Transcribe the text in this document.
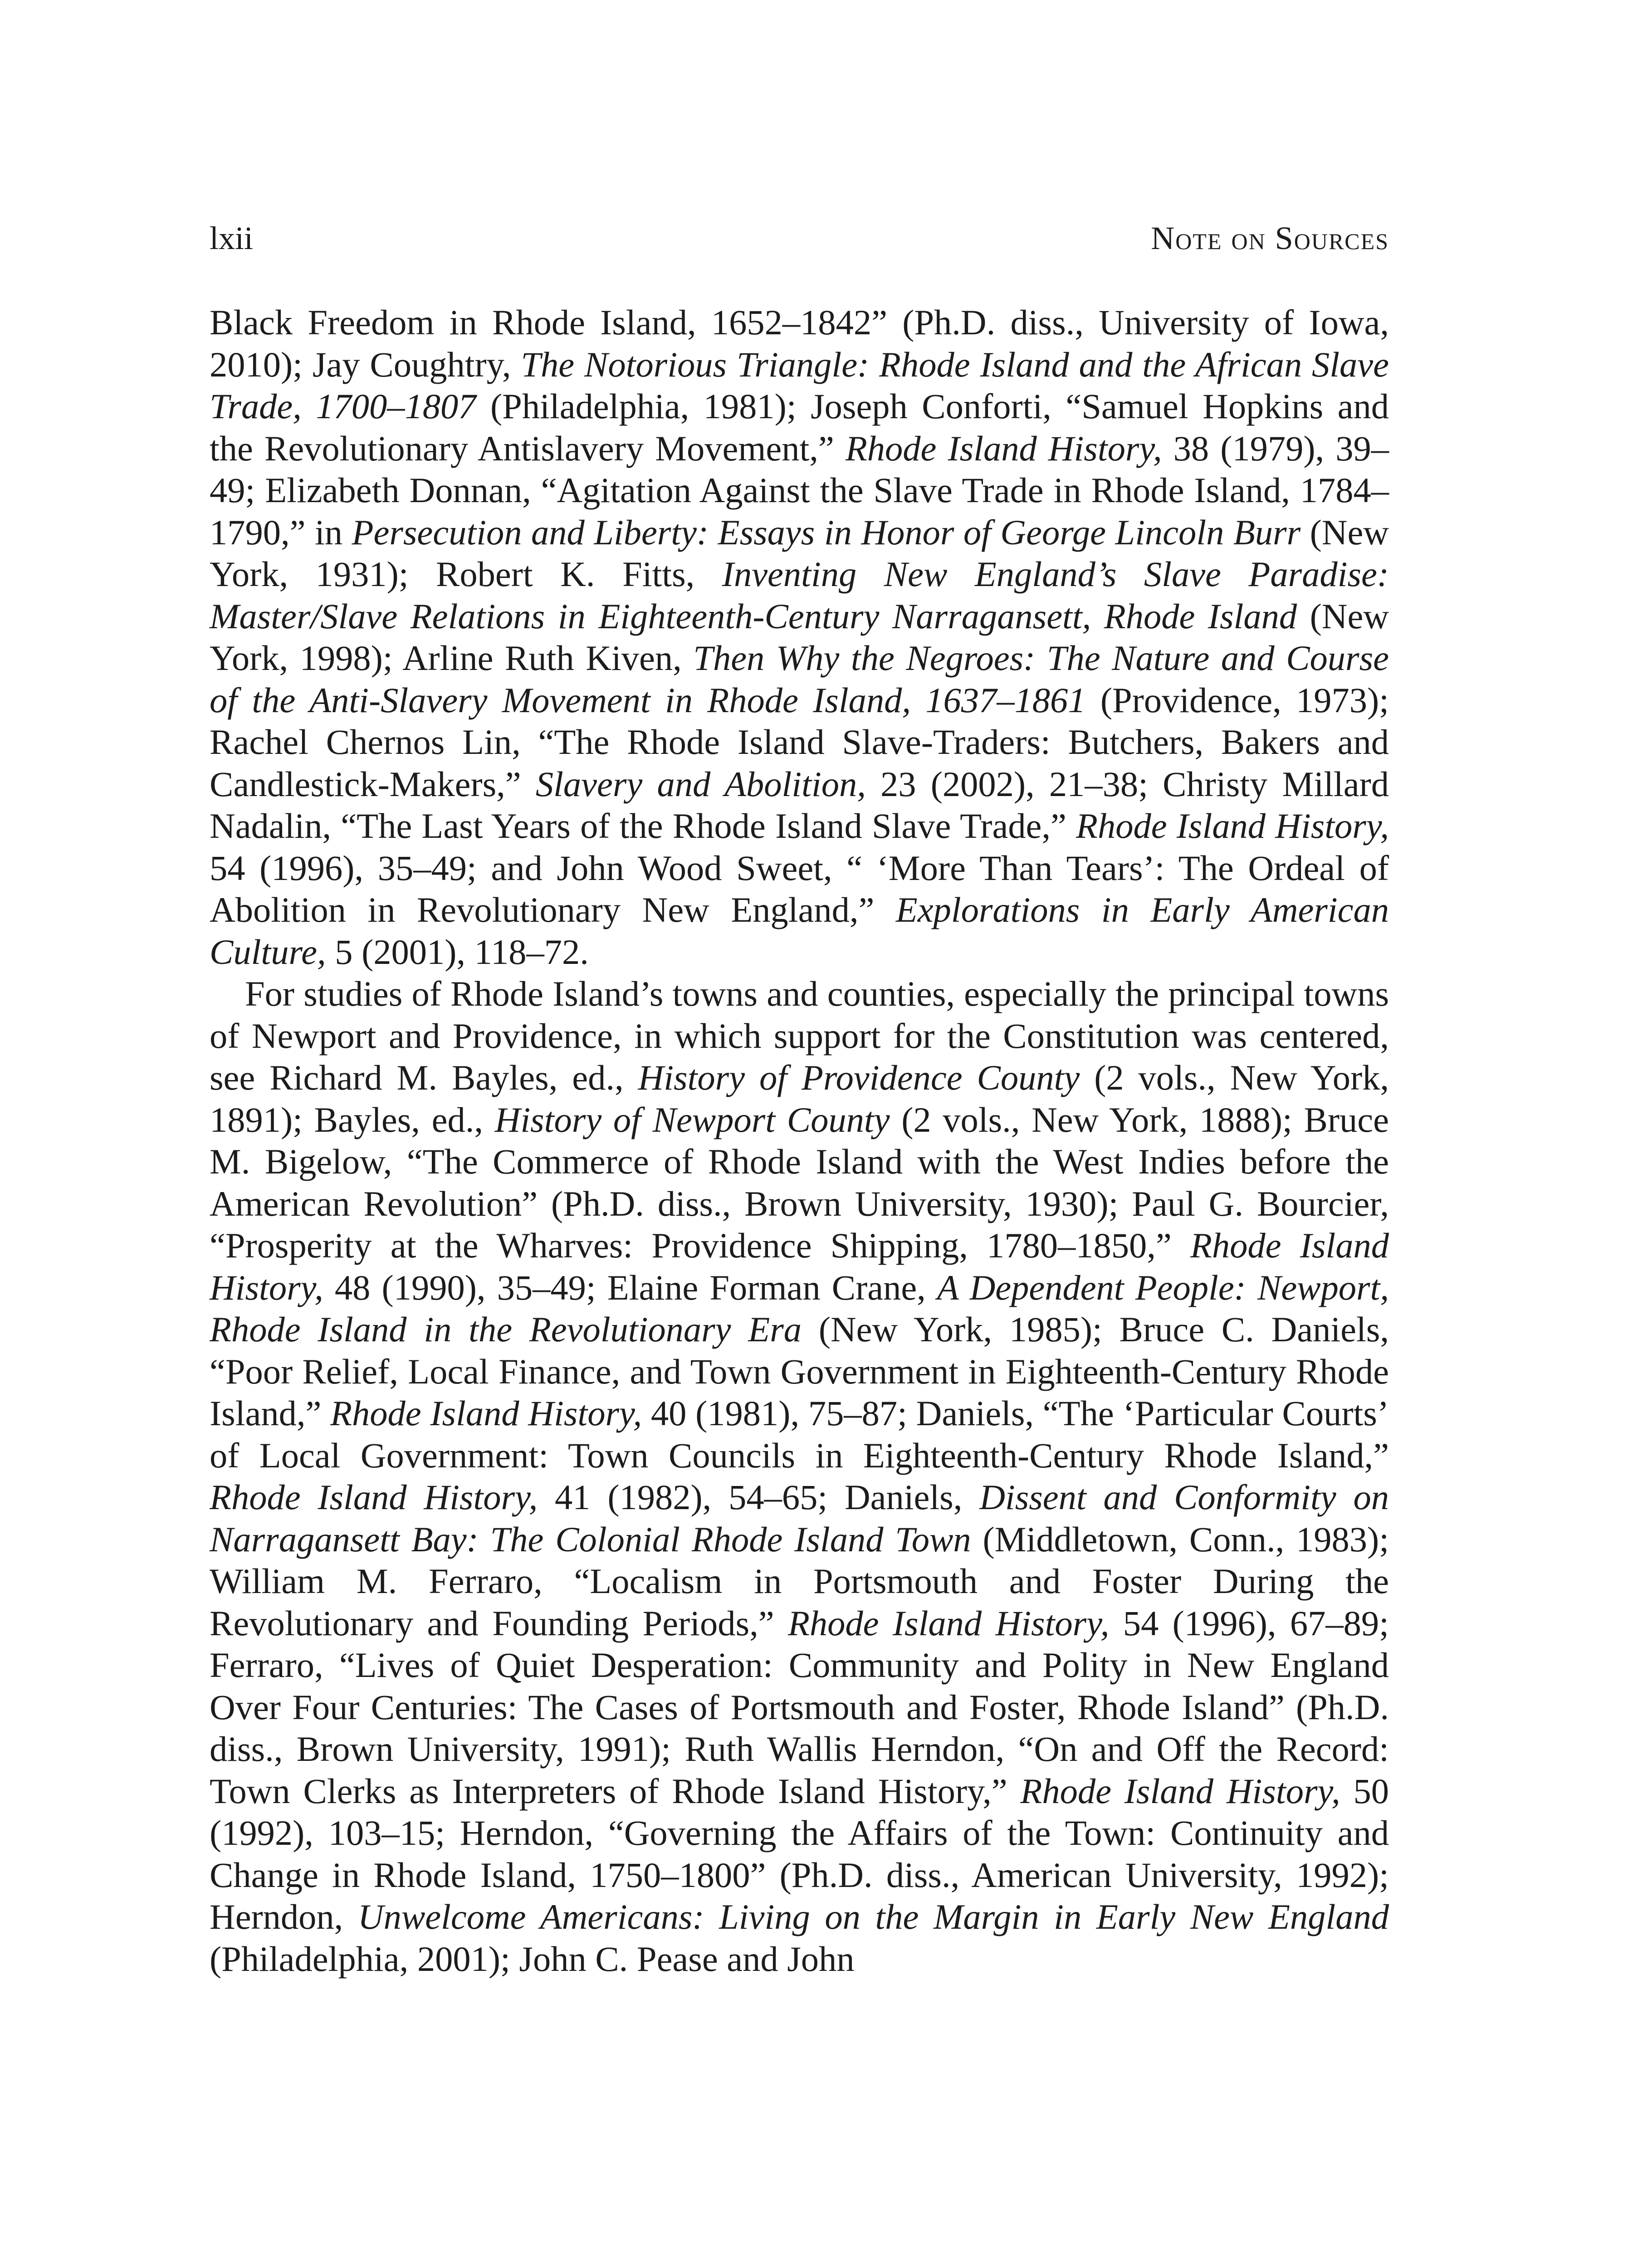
lxii	Note on Sources

Black Freedom in Rhode Island, 1652–1842” (Ph.D. diss., University of Iowa, 2010); Jay Coughtry, The Notorious Triangle: Rhode Island and the African Slave Trade, 1700–1807 (Philadelphia, 1981); Joseph Conforti, “Samuel Hopkins and the Revolutionary Antislavery Movement,” Rhode Island History, 38 (1979), 39–49; Elizabeth Donnan, “Agitation Against the Slave Trade in Rhode Island, 1784–1790,” in Persecution and Liberty: Essays in Honor of George Lincoln Burr (New York, 1931); Robert K. Fitts, Inventing New England’s Slave Paradise: Master/Slave Relations in Eighteenth-Century Narragansett, Rhode Island (New York, 1998); Arline Ruth Kiven, Then Why the Negroes: The Nature and Course of the Anti-Slavery Movement in Rhode Island, 1637–1861 (Providence, 1973); Rachel Chernos Lin, “The Rhode Island Slave-Traders: Butchers, Bakers and Candlestick-Makers,” Slavery and Abolition, 23 (2002), 21–38; Christy Millard Nadalin, “The Last Years of the Rhode Island Slave Trade,” Rhode Island History, 54 (1996), 35–49; and John Wood Sweet, “ ‘More Than Tears’: The Ordeal of Abolition in Revolutionary New England,” Explorations in Early American Culture, 5 (2001), 118–72.

For studies of Rhode Island’s towns and counties, especially the principal towns of Newport and Providence, in which support for the Constitution was centered, see Richard M. Bayles, ed., History of Providence County (2 vols., New York, 1891); Bayles, ed., History of Newport County (2 vols., New York, 1888); Bruce M. Bigelow, “The Commerce of Rhode Island with the West Indies before the American Revolution” (Ph.D. diss., Brown University, 1930); Paul G. Bourcier, “Prosperity at the Wharves: Providence Shipping, 1780–1850,” Rhode Island History, 48 (1990), 35–49; Elaine Forman Crane, A Dependent People: Newport, Rhode Island in the Revolutionary Era (New York, 1985); Bruce C. Daniels, “Poor Relief, Local Finance, and Town Government in Eighteenth-Century Rhode Island,” Rhode Island History, 40 (1981), 75–87; Daniels, “The ‘Particular Courts’ of Local Government: Town Councils in Eighteenth-Century Rhode Island,” Rhode Island History, 41 (1982), 54–65; Daniels, Dissent and Conformity on Narragansett Bay: The Colonial Rhode Island Town (Middletown, Conn., 1983); William M. Ferraro, “Localism in Portsmouth and Foster During the Revolutionary and Founding Periods,” Rhode Island History, 54 (1996), 67–89; Ferraro, “Lives of Quiet Desperation: Community and Polity in New England Over Four Centuries: The Cases of Portsmouth and Foster, Rhode Island” (Ph.D. diss., Brown University, 1991); Ruth Wallis Herndon, “On and Off the Record: Town Clerks as Interpreters of Rhode Island History,” Rhode Island History, 50 (1992), 103–15; Herndon, “Governing the Affairs of the Town: Continuity and Change in Rhode Island, 1750–1800” (Ph.D. diss., American University, 1992); Herndon, Unwelcome Americans: Living on the Margin in Early New England (Philadelphia, 2001); John C. Pease and John
